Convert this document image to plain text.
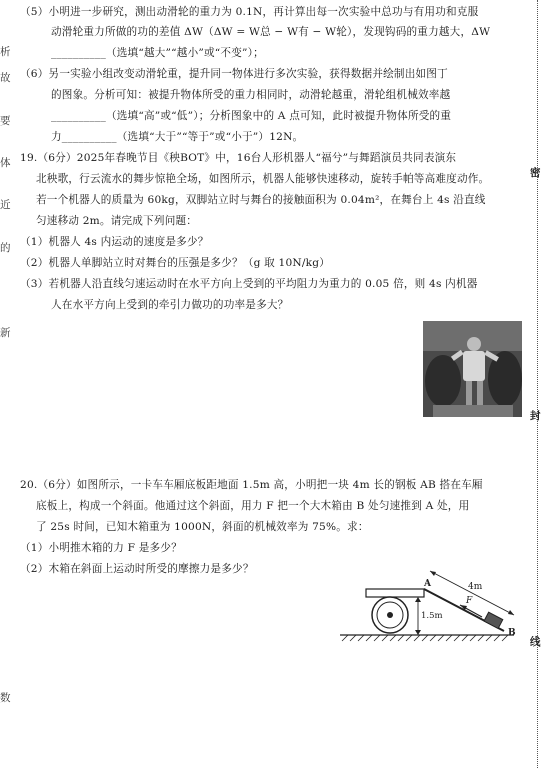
析
故
要
体
近
的
新
数
密
封
线
（5）小明进一步研究，测出动滑轮的重力为 0.1N，再计算出每一次实验中总功与有用功和克服
动滑轮重力所做的功的差值 ΔW（ΔW = W总 − W有 − W轮），发现钩码的重力越大，ΔW
__________（选填“越大”“越小”或“不变”）；
（6）另一实验小组改变动滑轮重，提升同一物体进行多次实验，获得数据并绘制出如图丁
的图象。分析可知：被提升物体所受的重力相同时，动滑轮越重，滑轮组机械效率越
__________（选填“高”或“低”）；分析图象中的 A 点可知，此时被提升物体所受的重
力__________（选填“大于”“等于”或“小于”）12N。
19.（6分）2025年春晚节目《秧BOT》中，16台人形机器人“福兮”与舞蹈演员共同表演东
北秧歌，行云流水的舞步惊艳全场，如图所示，机器人能够快速移动，旋转手帕等高难度动作。
若一个机器人的质量为 60kg，双脚站立时与舞台的接触面积为 0.04m²，在舞台上 4s 沿直线
匀速移动 2m。请完成下列问题：
（1）机器人 4s 内运动的速度是多少？
（2）机器人单脚站立时对舞台的压强是多少？（g 取 10N/kg）
（3）若机器人沿直线匀速运动时在水平方向上受到的平均阻力为重力的 0.05 倍，则 4s 内机器
人在水平方向上受到的牵引力做功的功率是多大？
20.（6分）如图所示，一卡车车厢底板距地面 1.5m 高，小明把一块 4m 长的钢板 AB 搭在车厢
底板上，构成一个斜面。他通过这个斜面，用力 F 把一个大木箱由 B 处匀速推到 A 处，用
了 25s 时间，已知木箱重为 1000N，斜面的机械效率为 75%。求：
（1）小明推木箱的力 F 是多少？
（2）木箱在斜面上运动时所受的摩擦力是多少？
1.5m
A
B
4m
F
